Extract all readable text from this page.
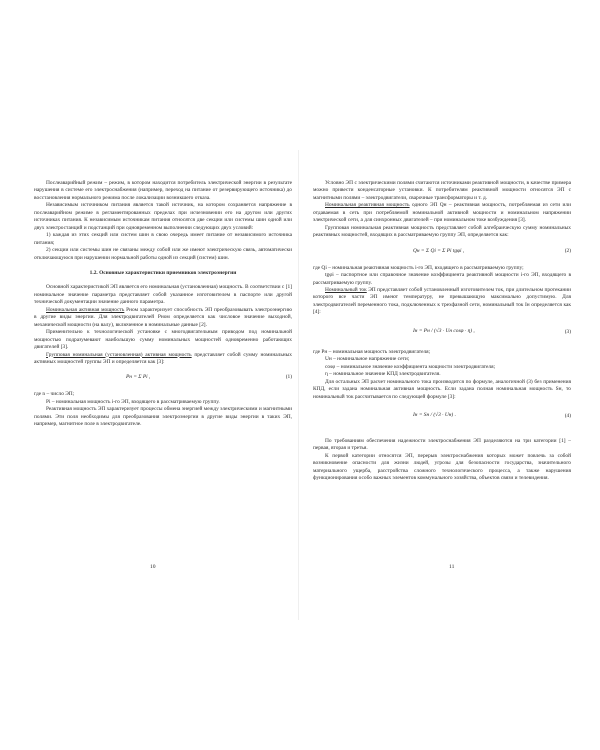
Послеаварийный режим – режим, в котором находится потребитель электрической энергии в результате нарушения в системе его электроснабжения (например, переход на питание от резервирующего источника) до восстановления нормального режима после локализации возникшего отказа.

Независимым источником питания является такой источник, на котором сохраняется напряжение в послеаварийном режиме в регламентированных пределах при исчезновении его на другом или других источниках питания. К независимым источникам питания относятся две секции или системы шин одной или двух электростанций и подстанций при одновременном выполнении следующих двух условий:

1) каждая из этих секций или систем шин в свою очередь имеет питание от независимого источника питания;

2) секции или системы шин не связаны между собой или же имеют электрическую связь, автоматически отключающуюся при нарушении нормальной работы одной из секций (систем) шин.

1.2. Основные характеристики приемников электроэнергии

Основной характеристикой ЭП является его номинальная (установленная) мощность. В соответствии с [1] номинальное значение параметра представляет собой указанное изготовителем в паспорте или другой технической документации значение данного параметра.

Номинальная активная мощность Pном характеризует способность ЭП преобразовывать электроэнергию в другие виды энергии. Для электродвигателей Pном определяется как числовое значение выходной, механической мощности (на валу), включенное в номинальные данные [2].

Применительно к технологической установке с многодвигательным приводом под номинальной мощностью подразумевают наибольшую сумму номинальных мощностей одновременно работающих двигателей [3].

Групповая номинальная (установленная) активная мощность представляет собой сумму номинальных активных мощностей группы ЭП и определяется как [3]:

Pн = Σ Pi ,	(1)

где n – число ЭП;

Pi – номинальная мощность i-го ЭП, входящего в рассматриваемую группу.

Реактивная мощность ЭП характеризует процессы обмена энергией между электрическими и магнитными полями. Эти поля необходимы для преобразования электроэнергии в другие виды энергии в таких ЭП, например, магнитное поле в электродвигателе.

10

Условно ЭП с электрическими полями считаются источниками реактивной мощности, в качестве примера можно привести конденсаторные установки. К потребителям реактивной мощности относятся ЭП с магнитными полями – электродвигатели, сварочные трансформаторы и т. д.

Номинальная реактивная мощность одного ЭП Qн – реактивная мощность, потребляемая из сети или отдаваемая в сеть при потребляемой номинальной активной мощности и номинальном напряжении электрической сети, а для синхронных двигателей – при номинальном токе возбуждения [3].

Групповая номинальная реактивная мощность представляет собой алгебраическую сумму номинальных реактивных мощностей, входящих в рассматриваемую группу ЭП, определяется как:

Qн = Σ Qi = Σ Pi tgφi ,	(2)

где Qi – номинальная реактивная мощность i-го ЭП, входящего в рассматриваемую группу;

tgφi – паспортное или справочное значение коэффициента реактивной мощности i-го ЭП, входящего в рассматриваемую группу.

Номинальный ток ЭП представляет собой установленный изготовителем ток, при длительном протекании которого все части ЭП имеют температуру, не превышающую максимально допустимую. Для электродвигателей переменного тока, подключенных к трехфазной сети, номинальный ток Iн определяется как [4]:

Iн = Pн / (√3 · Uн cosφ · η) ,	(3)

где Pн – номинальная мощность электродвигателя;

Uн – номинальное напряжение сети;

cosφ – номинальное значение коэффициента мощности электродвигателя;

η – номинальное значение КПД электродвигателя.

Для остальных ЭП расчет номинального тока производится по формуле, аналогичной (3) без применения КПД, если задана номинальная активная мощность. Если задана полная номинальная мощность Sн, то номинальный ток рассчитывается по следующей формуле [3]:

Iн = Sн / (√3 · Uн) .	(4)

По требованиям обеспечения надежности электроснабжения ЭП разделяются на три категории [1] – первая, вторая и третья.

К первой категории относятся ЭП, перерыв электроснабжения которых может повлечь за собой возникновение опасности для жизни людей, угрозы для безопасности государства, значительного материального ущерба, расстройства сложного технологического процесса, а также нарушения функционирования особо важных элементов коммунального хозяйства, объектов связи и телевидения.

11
